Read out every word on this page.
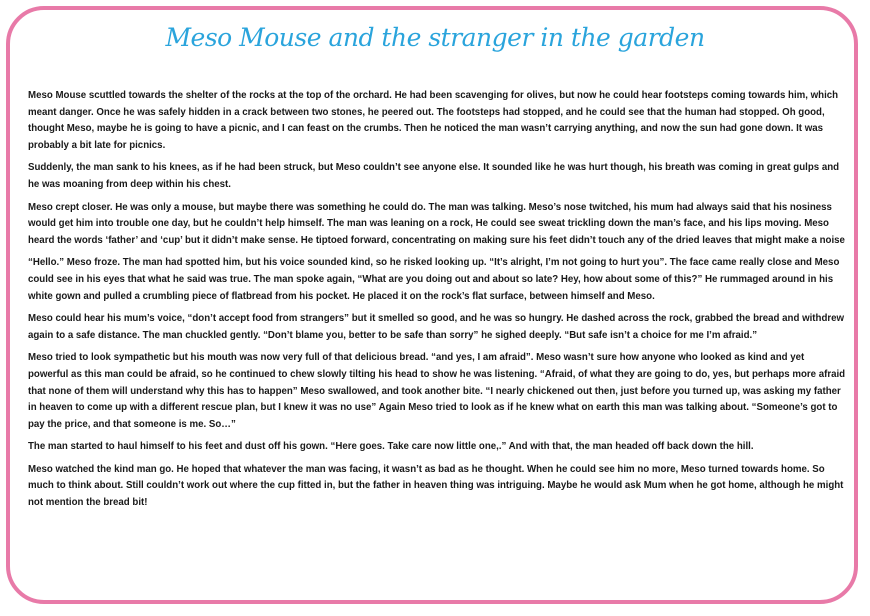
Meso Mouse and the stranger in the garden

Meso Mouse scuttled towards the shelter of the rocks at the top of the orchard. He had been scavenging for olives, but now he could hear footsteps coming towards him, which meant danger. Once he was safely hidden in a crack between two stones, he peered out. The footsteps had stopped, and he could see that the human had stopped. Oh good, thought Meso, maybe he is going to have a picnic, and I can feast on the crumbs. Then he noticed the man wasn’t carrying anything, and now the sun had gone down. It was probably a bit late for picnics.

Suddenly, the man sank to his knees, as if he had been struck, but Meso couldn’t see anyone else. It sounded like he was hurt though, his breath was coming in great gulps and he was moaning from deep within his chest.

Meso crept closer. He was only a mouse, but maybe there was something he could do. The man was talking. Meso’s nose twitched, his mum had always said that his nosiness would get him into trouble one day, but he couldn’t help himself. The man was leaning on a rock, He could see sweat trickling down the man’s face, and his lips moving. Meso heard the words ‘father’ and ‘cup’ but it didn’t make sense. He tiptoed forward, concentrating on making sure his feet didn’t touch any of the dried leaves that might make a noise

“Hello.” Meso froze. The man had spotted him, but his voice sounded kind, so he risked looking up. “It’s alright, I’m not going to hurt you”. The face came really close and Meso could see in his eyes that what he said was true. The man spoke again, “What are you doing out and about so late? Hey, how about some of this?” He rummaged around in his white gown and pulled a crumbling piece of flatbread from his pocket. He placed it on the rock’s flat surface, between himself and Meso.

Meso could hear his mum’s voice, “don’t accept food from strangers” but it smelled so good, and he was so hungry. He dashed across the rock, grabbed the bread and withdrew again to a safe distance. The man chuckled gently. “Don’t blame you, better to be safe than sorry” he sighed deeply. “But safe isn’t a choice for me I’m afraid.”

Meso tried to look sympathetic but his mouth was now very full of that delicious bread. “and yes, I am afraid”. Meso wasn’t sure how anyone who looked as kind and yet powerful as this man could be afraid, so he continued to chew slowly tilting his head to show he was listening. “Afraid, of what they are going to do, yes, but perhaps more afraid that none of them will understand why this has to happen” Meso swallowed, and took another bite. “I nearly chickened out then, just before you turned up, was asking my father in heaven to come up with a different rescue plan, but I knew it was no use” Again Meso tried to look as if he knew what on earth this man was talking about. “Someone’s got to pay the price, and that someone is me. So…”

The man started to haul himself to his feet and dust off his gown. “Here goes. Take care now little one,.” And with that, the man headed off back down the hill.

Meso watched the kind man go. He hoped that whatever the man was facing, it wasn’t as bad as he thought. When he could see him no more, Meso turned towards home. So much to think about. Still couldn’t work out where the cup fitted in, but the father in heaven thing was intriguing. Maybe he would ask Mum when he got home, although he might not mention the bread bit!
